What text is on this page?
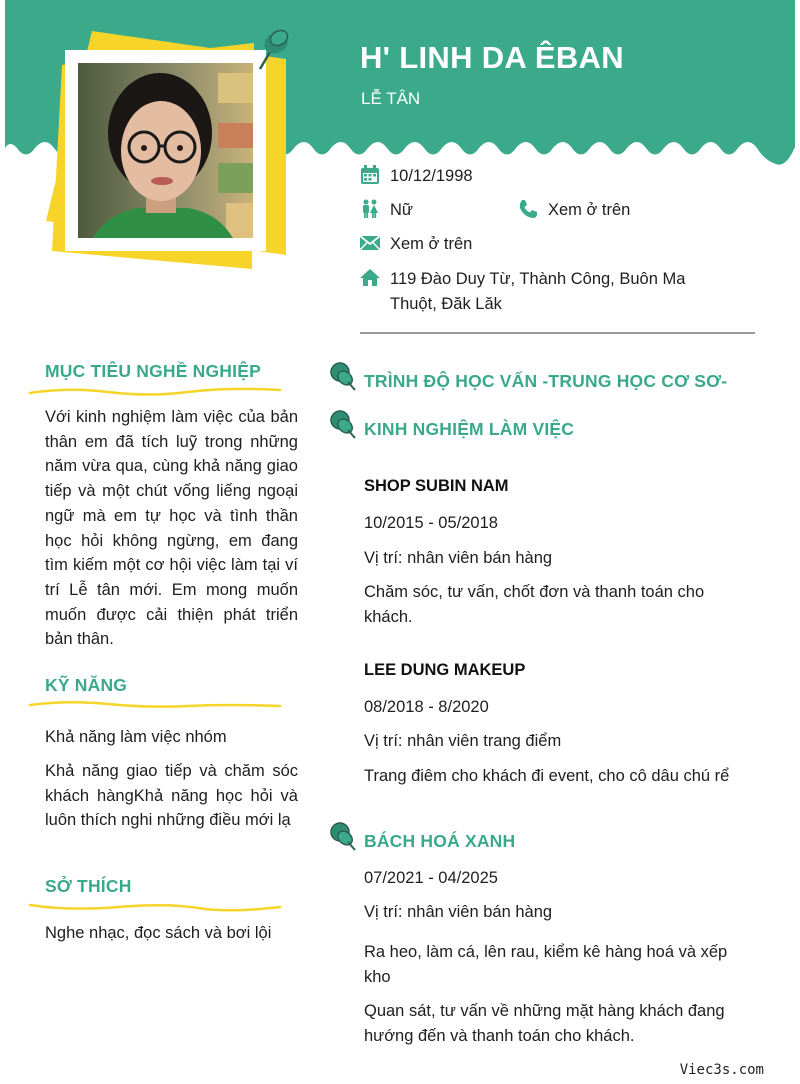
H' LINH DA ÊBAN
LỄ TÂN
10/12/1998
Nữ	Xem ở trên
Xem ở trên
119 Đào Duy Từ, Thành Công, Buôn Ma Thuột, Đăk Lăk
MỤC TIÊU NGHỀ NGHIỆP
Với kinh nghiệm làm việc của bản thân em đã tích luỹ trong những năm vừa qua, cùng khả năng giao tiếp và một chút vống liếng ngoại ngữ mà em tự học và tình thần học hỏi không ngừng, em đang tìm kiếm một cơ hội việc làm tại ví trí Lễ tân mới. Em mong muốn muốn được cải thiện phát triển bản thân.
KỸ NĂNG
Khả năng làm việc nhóm
Khả năng giao tiếp và chăm sóc khách hàngKhả năng học hỏi và luôn thích nghi những điều mới lạ
SỞ THÍCH
Nghe nhạc, đọc sách và bơi lội
TRÌNH ĐỘ HỌC VẤN -TRUNG HỌC CƠ SƠ-
KINH NGHIỆM LÀM VIỆC
SHOP SUBIN NAM
10/2015 - 05/2018
Vị trí: nhân viên bán hàng
Chăm sóc, tư vấn, chốt đơn và thanh toán cho khách.
LEE DUNG MAKEUP
08/2018 - 8/2020
Vị trí: nhân viên trang điểm
Trang điêm cho khách đi event, cho cô dâu chú rể
BÁCH HOÁ XANH
07/2021 - 04/2025
Vị trí: nhân viên bán hàng
Ra heo, làm cá, lên rau, kiểm kê hàng hoá và xếp kho
Quan sát, tư vấn về những mặt hàng khách đang hướng đến và thanh toán cho khách.
Viec3s.com
